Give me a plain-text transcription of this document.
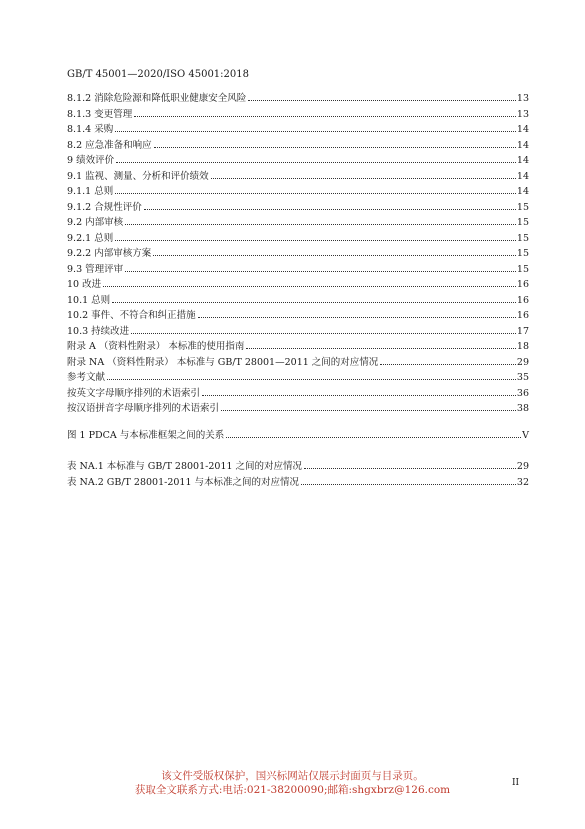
GB/T 45001—2020/ISO 45001:2018
8.1.2 消除危险源和降低职业健康安全风险	13
8.1.3 变更管理	13
8.1.4 采购	14
8.2 应急准备和响应	14
9 绩效评价	14
9.1 监视、测量、分析和评价绩效	14
9.1.1 总则	14
9.1.2 合规性评价	15
9.2 内部审核	15
9.2.1 总则	15
9.2.2 内部审核方案	15
9.3 管理评审	15
10 改进	16
10.1 总则	16
10.2 事件、不符合和纠正措施	16
10.3 持续改进	17
附录 A （资料性附录） 本标准的使用指南	18
附录 NA （资料性附录） 本标准与 GB/T 28001—2011 之间的对应情况	29
参考文献	35
按英文字母顺序排列的术语索引	36
按汉语拼音字母顺序排列的术语索引	38
图 1 PDCA 与本标准框架之间的关系	V
表 NA.1 本标准与 GB/T 28001-2011 之间的对应情况	29
表 NA.2 GB/T 28001-2011 与本标准之间的对应情况	32
该文件受版权保护，国兴标网站仅展示封面页与目录页。
获取全文联系方式:电话:021-38200090;邮箱:shgxbrz@126.com
II
